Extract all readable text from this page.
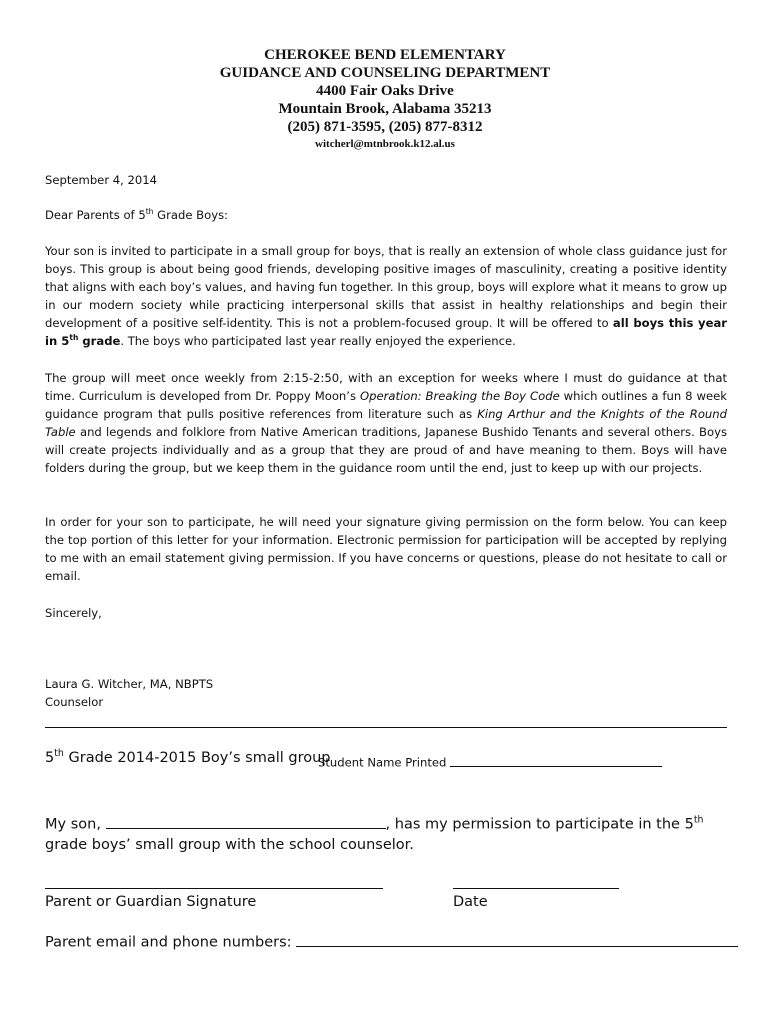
CHEROKEE BEND ELEMENTARY
GUIDANCE AND COUNSELING DEPARTMENT
4400 Fair Oaks Drive
Mountain Brook, Alabama 35213
(205) 871-3595, (205) 877-8312
witcherl@mtnbrook.k12.al.us
September 4, 2014
Dear Parents of 5th Grade Boys:

Your son is invited to participate in a small group for boys, that is really an extension of whole class guidance just for boys. This group is about being good friends, developing positive images of masculinity, creating a positive identity that aligns with each boy’s values, and having fun together. In this group, boys will explore what it means to grow up in our modern society while practicing interpersonal skills that assist in healthy relationships and begin their development of a positive self-identity. This is not a problem-focused group. It will be offered to all boys this year in 5th grade. The boys who participated last year really enjoyed the experience.

The group will meet once weekly from 2:15-2:50, with an exception for weeks where I must do guidance at that time. Curriculum is developed from Dr. Poppy Moon’s Operation: Breaking the Boy Code which outlines a fun 8 week guidance program that pulls positive references from literature such as King Arthur and the Knights of the Round Table and legends and folklore from Native American traditions, Japanese Bushido Tenants and several others. Boys will create projects individually and as a group that they are proud of and have meaning to them. Boys will have folders during the group, but we keep them in the guidance room until the end, just to keep up with our projects.

In order for your son to participate, he will need your signature giving permission on the form below. You can keep the top portion of this letter for your information. Electronic permission for participation will be accepted by replying to me with an email statement giving permission. If you have concerns or questions, please do not hesitate to call or email.
Sincerely,
Laura G. Witcher, MA, NBPTS
Counselor
5th Grade 2014-2015 Boy’s small group
Student Name Printed
My son,	, has my permission to participate in the 5th grade boys’ small group with the school counselor.
Parent or Guardian Signature	Date
Parent email and phone numbers:
